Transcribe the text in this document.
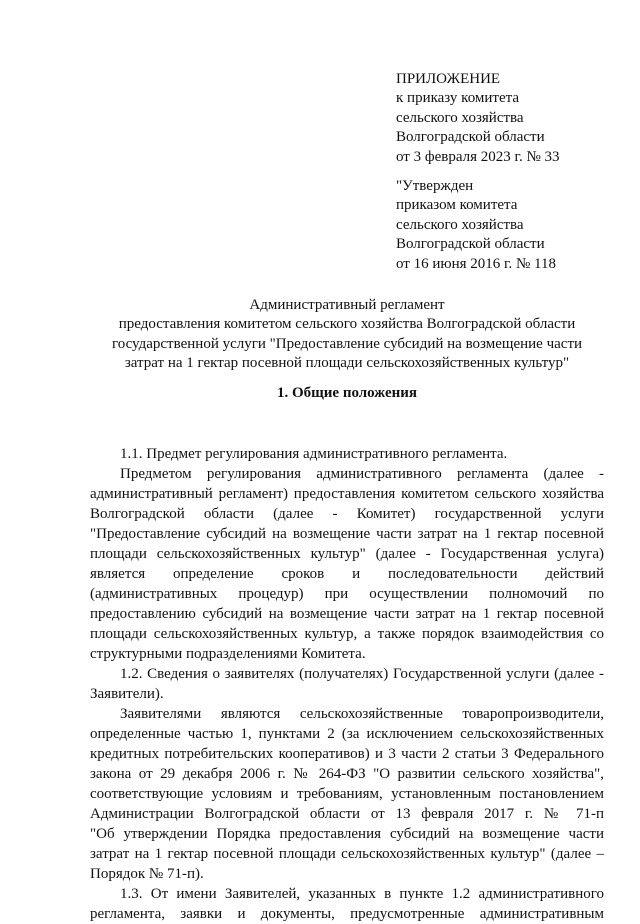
ПРИЛОЖЕНИЕ
к приказу комитета
сельского хозяйства
Волгоградской области
от 3 февраля 2023 г. № 33
"Утвержден
приказом комитета
сельского хозяйства
Волгоградской области
от 16 июня 2016 г. № 118
Административный регламент
предоставления комитетом сельского хозяйства Волгоградской области
государственной услуги "Предоставление субсидий на возмещение части
затрат на 1 гектар посевной площади сельскохозяйственных культур"
1. Общие положения
1.1. Предмет регулирования административного регламента.
Предметом регулирования административного регламента (далее -
административный регламент) предоставления комитетом сельского хозяйства
Волгоградской области (далее - Комитет) государственной услуги
"Предоставление субсидий на возмещение части затрат на 1 гектар посевной
площади сельскохозяйственных культур" (далее - Государственная услуга)
является определение сроков и последовательности действий
(административных процедур) при осуществлении полномочий по
предоставлению субсидий на возмещение части затрат на 1 гектар посевной
площади сельскохозяйственных культур, а также порядок взаимодействия со
структурными подразделениями Комитета.
1.2. Сведения о заявителях (получателях) Государственной услуги (далее -
Заявители).
Заявителями являются сельскохозяйственные товаропроизводители,
определенные частью 1, пунктами 2 (за исключением сельскохозяйственных
кредитных потребительских кооперативов) и 3 части 2 статьи 3 Федерального
закона от 29 декабря 2006 г. № 264-ФЗ "О развитии сельского хозяйства",
соответствующие условиям и требованиям, установленным постановлением
Администрации Волгоградской области от 13 февраля 2017 г. № 71-п
"Об утверждении Порядка предоставления субсидий на возмещение части
затрат на 1 гектар посевной площади сельскохозяйственных культур" (далее –
Порядок № 71-п).
1.3. От имени Заявителей, указанных в пункте 1.2 административного
регламента, заявки и документы, предусмотренные административным
